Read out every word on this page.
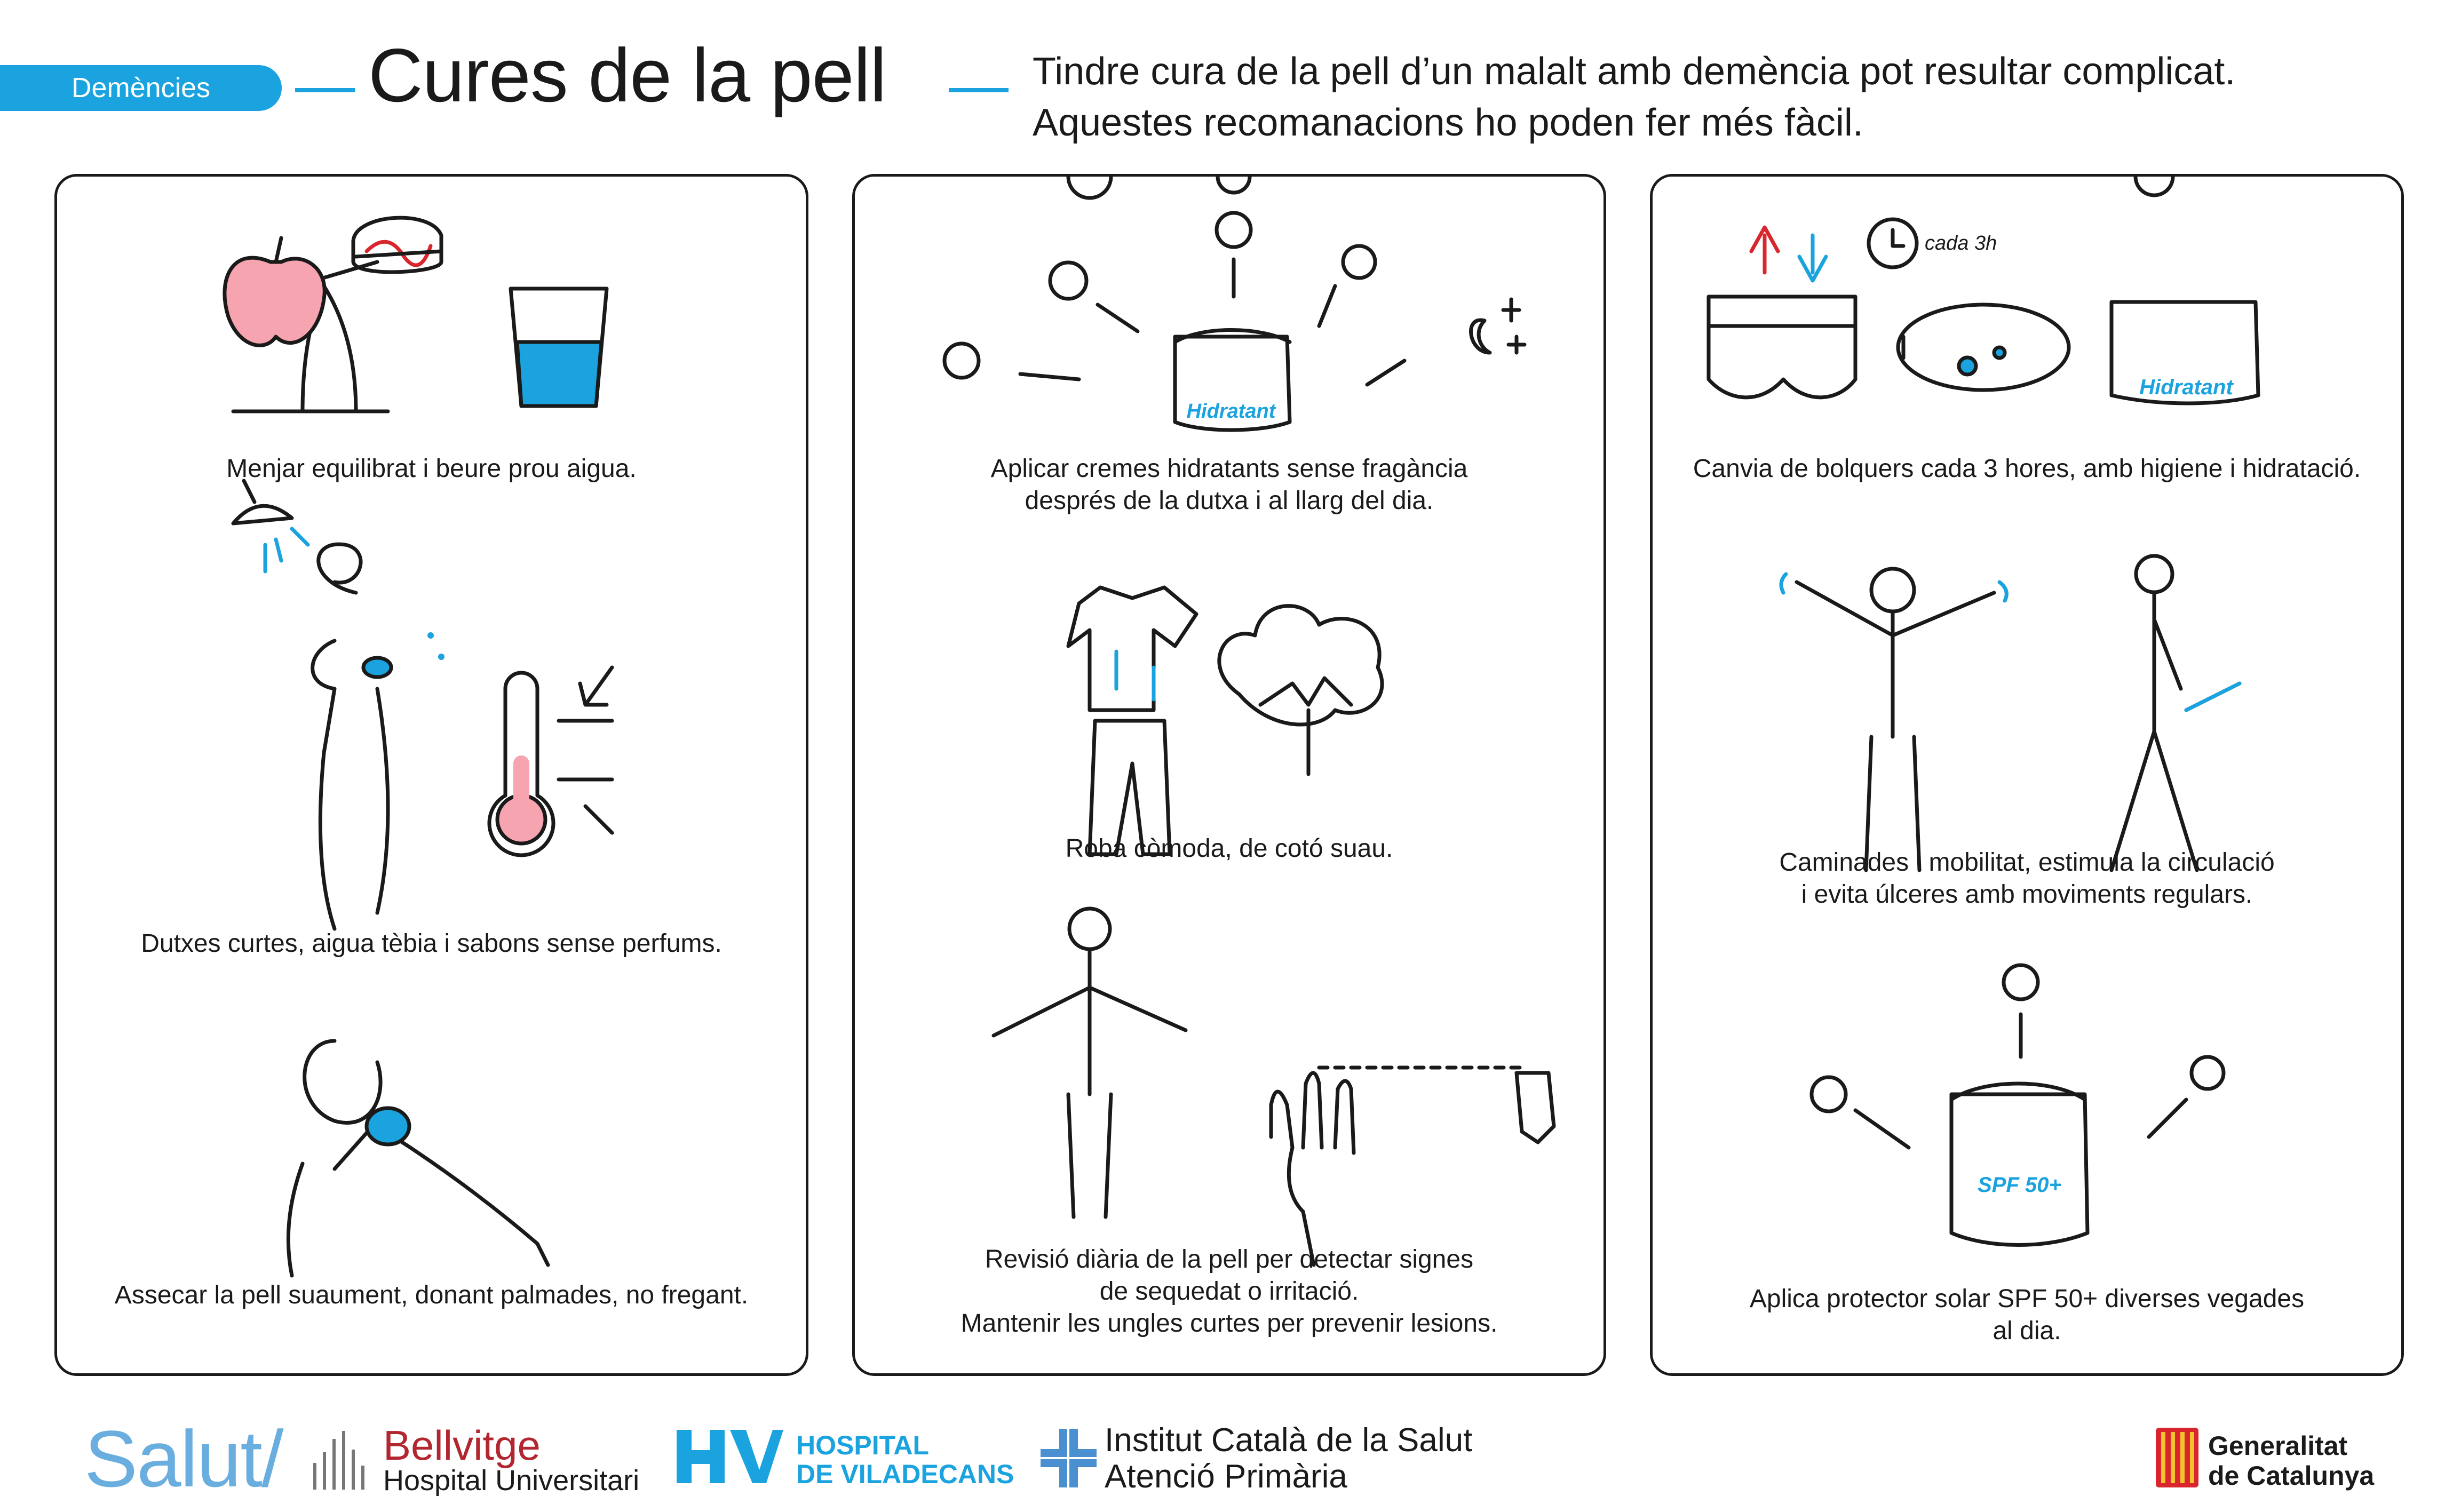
Demències	Cures de la pell	Tindre cura de la pell d’un malalt amb demència pot resultar complicat.
Aquestes recomanacions ho poden fer més fàcil.
Menjar equilibrat i beure prou aigua.
Dutxes curtes, aigua tèbia i sabons sense perfums.
Assecar la pell suaument, donant palmades, no fregant.
Hidratant
Aplicar cremes hidratants sense fragància
després de la dutxa i al llarg del dia.
Roba còmoda, de cotó suau.
Revisió diària de la pell per detectar signes
de sequedat o irritació.
Mantenir les ungles curtes per prevenir lesions.
cada 3h
Hidratant
Canvia de bolquers cada 3 hores, amb higiene i hidratació.
Caminades i mobilitat, estimula la circulació
i evita úlceres amb moviments regulars.
SPF 50+
Aplica protector solar SPF 50+ diverses vegades
al dia.
Salut/ Bellvitge
Hospital Universitari
HOSPITAL
DE VILADECANS
Institut Català de la Salut
Atenció Primària
Generalitat
de Catalunya
